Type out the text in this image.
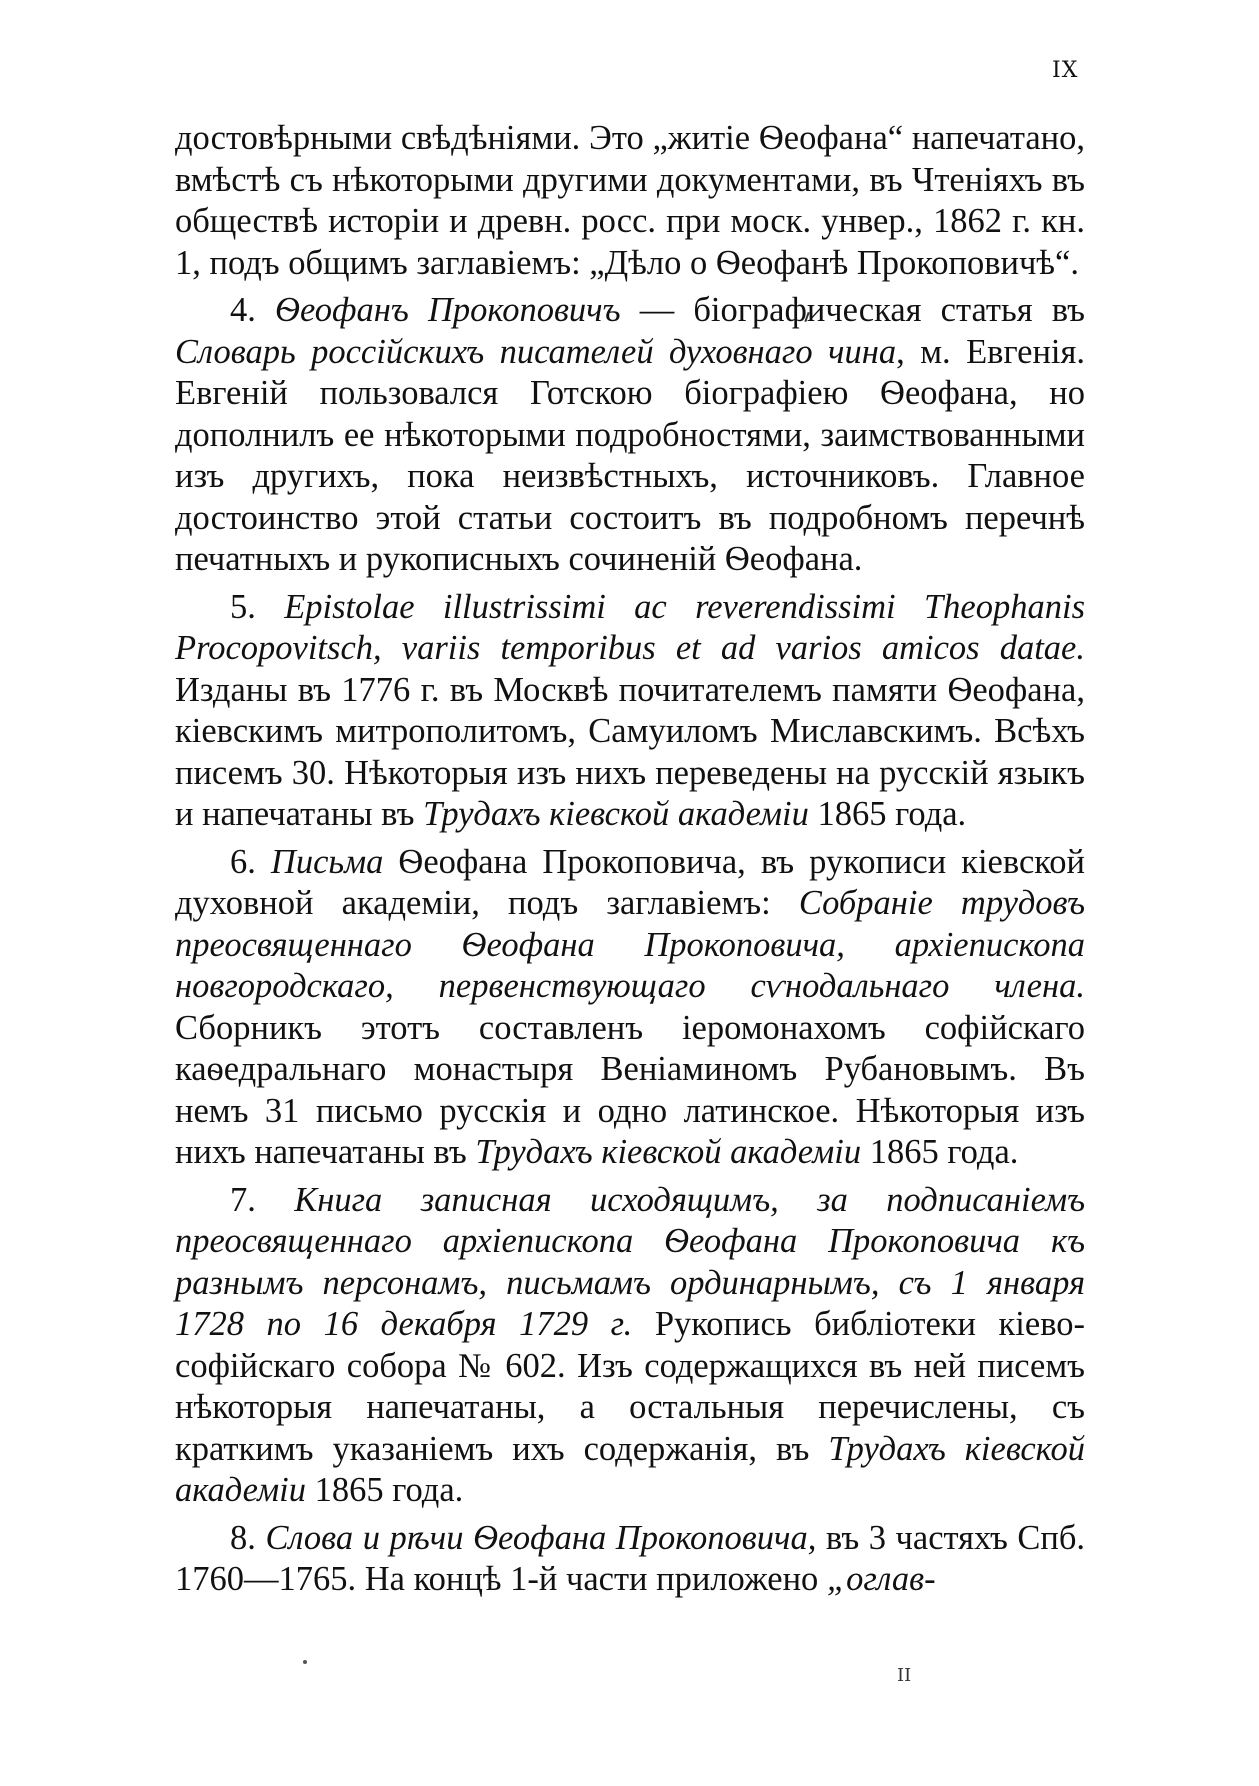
IX

достовѣрными свѣдѣніями. Это „житіе Ѳеофана“ напечатано, вмѣстѣ съ нѣкоторыми другими документами, въ Чтеніяхъ въ обществѣ исторіи и древн. росс. при моск. унвер., 1862 г. кн. 1, подъ общимъ заглавіемъ: „Дѣло о Ѳеофанѣ Прокоповичѣ“.

4. Ѳеофанъ Прокоповичъ — біографическая статья въ Словарь россійскихъ писателей духовнаго чина, м. Евгенія. Евгеній пользовался Готскою біографіею Ѳеофана, но дополнилъ ее нѣкоторыми подробностями, заимствованными изъ другихъ, пока неизвѣстныхъ, источниковъ. Главное достоинство этой статьи состоитъ въ подробномъ перечнѣ печатныхъ и рукописныхъ сочиненій Ѳеофана.

5. Epistolae illustrissimi ac reverendissimi Theophanis Procopovitsch, variis temporibus et ad varios amicos datae. Изданы въ 1776 г. въ Москвѣ почитателемъ памяти Ѳеофана, кіевскимъ митрополитомъ, Самуиломъ Миславскимъ. Всѣхъ писемъ 30. Нѣкоторыя изъ нихъ переведены на русскій языкъ и напечатаны въ Трудахъ кіевской академіи 1865 года.

6. Письма Ѳеофана Прокоповича, въ рукописи кіевской духовной академіи, подъ заглавіемъ: Собраніе трудовъ преосвященнаго Ѳеофана Прокоповича, архіепископа новгородскаго, первенствующаго сѵнодальнаго члена. Сборникъ этотъ составленъ іеромонахомъ софійскаго каѳедральнаго монастыря Веніаминомъ Рубановымъ. Въ немъ 31 письмо русскія и одно латинское. Нѣкоторыя изъ нихъ напечатаны въ Трудахъ кіевской академіи 1865 года.

7. Книга записная исходящимъ, за подписаніемъ преосвященнаго архіепископа Ѳеофана Прокоповича къ разнымъ персонамъ, письмамъ ординарнымъ, съ 1 января 1728 по 16 декабря 1729 г. Рукопись библіотеки кіево-софійскаго собора № 602. Изъ содержащихся въ ней писемъ нѣкоторыя напечатаны, а остальныя перечислены, съ краткимъ указаніемъ ихъ содержанія, въ Трудахъ кіевской академіи 1865 года.

8. Слова и рѣчи Ѳеофана Прокоповича, въ 3 частяхъ Спб. 1760—1765. На концѣ 1-й части приложено „оглав-

II
